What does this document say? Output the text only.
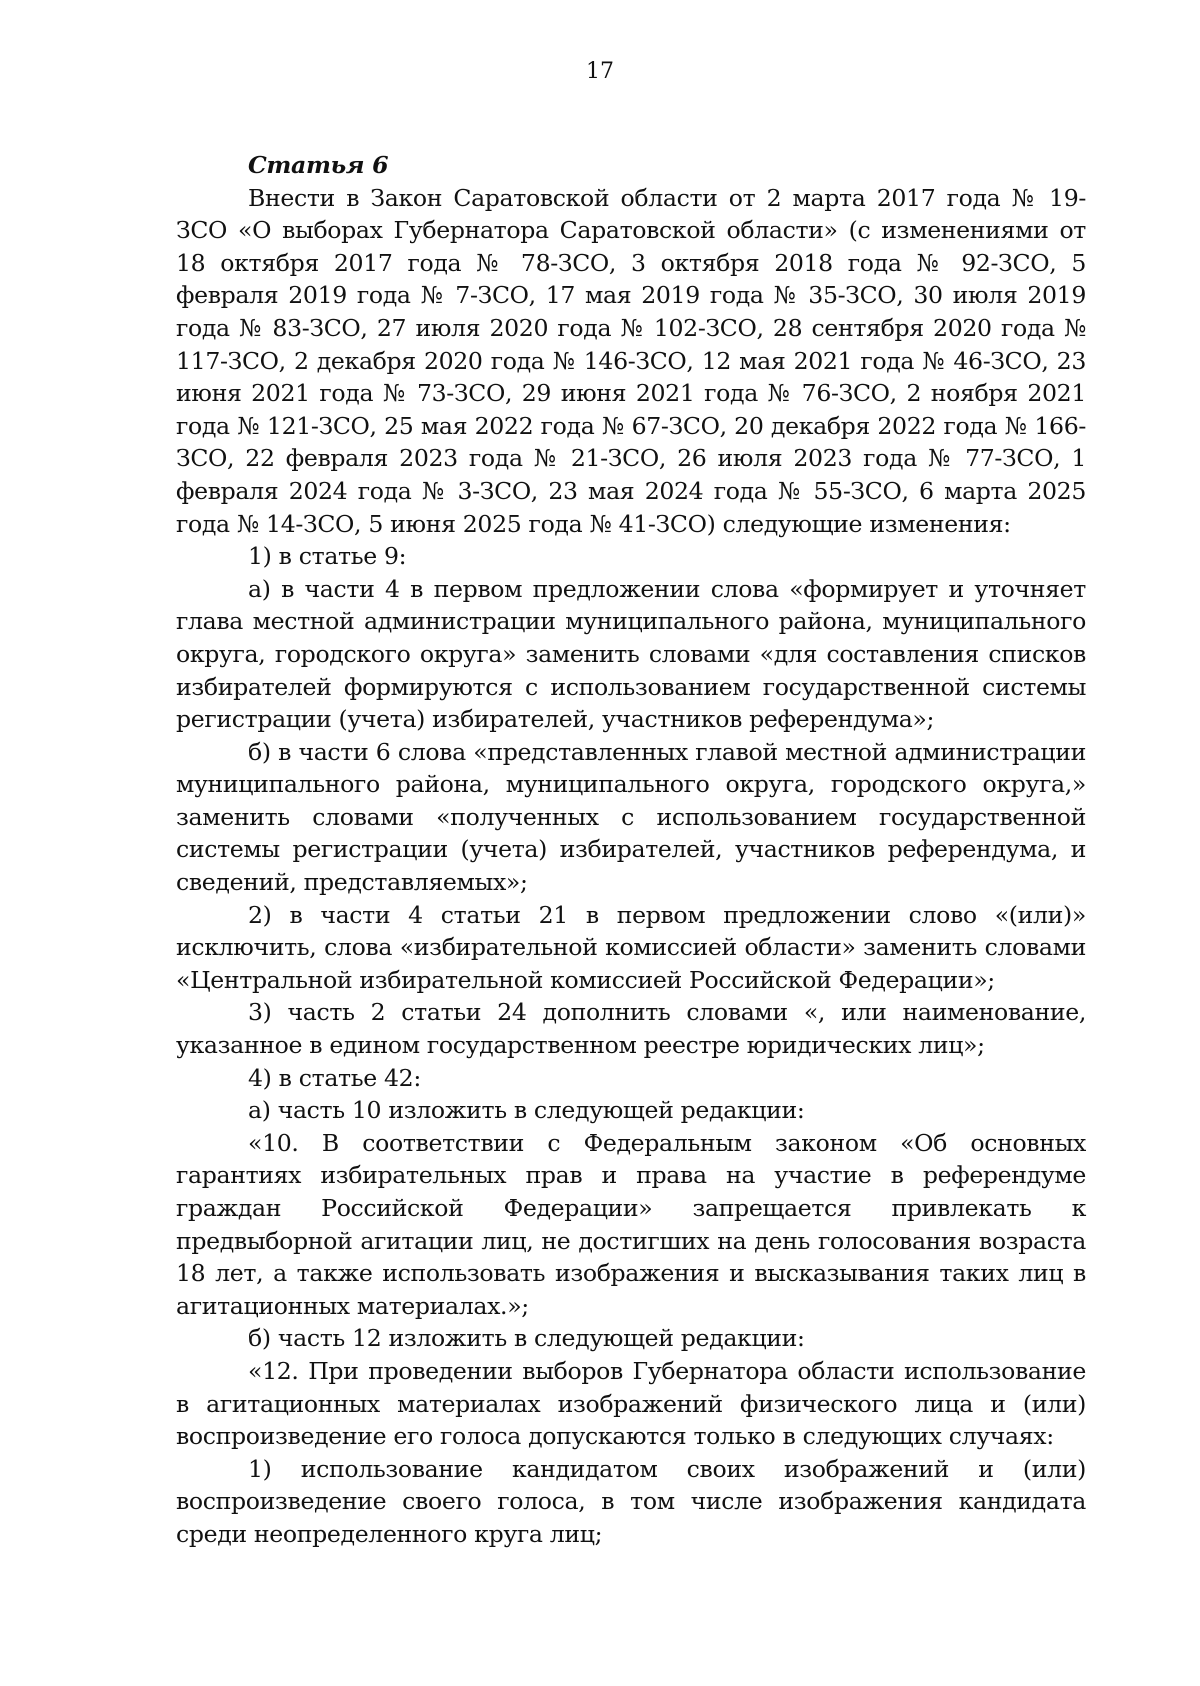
17

Статья 6

Внести в Закон Саратовской области от 2 марта 2017 года № 19-ЗСО «О выборах Губернатора Саратовской области» (с изменениями от 18 октября 2017 года № 78-ЗСО, 3 октября 2018 года № 92-ЗСО, 5 февраля 2019 года № 7-ЗСО, 17 мая 2019 года № 35-ЗСО, 30 июля 2019 года № 83-ЗСО, 27 июля 2020 года № 102-ЗСО, 28 сентября 2020 года № 117-ЗСО, 2 декабря 2020 года № 146-ЗСО, 12 мая 2021 года № 46-ЗСО, 23 июня 2021 года № 73-ЗСО, 29 июня 2021 года № 76-ЗСО, 2 ноября 2021 года № 121-ЗСО, 25 мая 2022 года № 67-ЗСО, 20 декабря 2022 года № 166-ЗСО, 22 февраля 2023 года № 21-ЗСО, 26 июля 2023 года № 77-ЗСО, 1 февраля 2024 года № 3-ЗСО, 23 мая 2024 года № 55-ЗСО, 6 марта 2025 года № 14-ЗСО, 5 июня 2025 года № 41-ЗСО) следующие изменения:

1) в статье 9:

а) в части 4 в первом предложении слова «формирует и уточняет глава местной администрации муниципального района, муниципального округа, городского округа» заменить словами «для составления списков избирателей формируются с использованием государственной системы регистрации (учета) избирателей, участников референдума»;

б) в части 6 слова «представленных главой местной администрации муниципального района, муниципального округа, городского округа,» заменить словами «полученных с использованием государственной системы регистрации (учета) избирателей, участников референдума, и сведений, представляемых»;

2) в части 4 статьи 21 в первом предложении слово «(или)» исключить, слова «избирательной комиссией области» заменить словами «Центральной избирательной комиссией Российской Федерации»;

3) часть 2 статьи 24 дополнить словами «, или наименование, указанное в едином государственном реестре юридических лиц»;

4) в статье 42:

а) часть 10 изложить в следующей редакции:

«10. В соответствии с Федеральным законом «Об основных гарантиях избирательных прав и права на участие в референдуме граждан Российской Федерации» запрещается привлекать к предвыборной агитации лиц, не достигших на день голосования возраста 18 лет, а также использовать изображения и высказывания таких лиц в агитационных материалах.»;

б) часть 12 изложить в следующей редакции:

«12. При проведении выборов Губернатора области использование в агитационных материалах изображений физического лица и (или) воспроизведение его голоса допускаются только в следующих случаях:

1) использование кандидатом своих изображений и (или) воспроизведение своего голоса, в том числе изображения кандидата среди неопределенного круга лиц;
